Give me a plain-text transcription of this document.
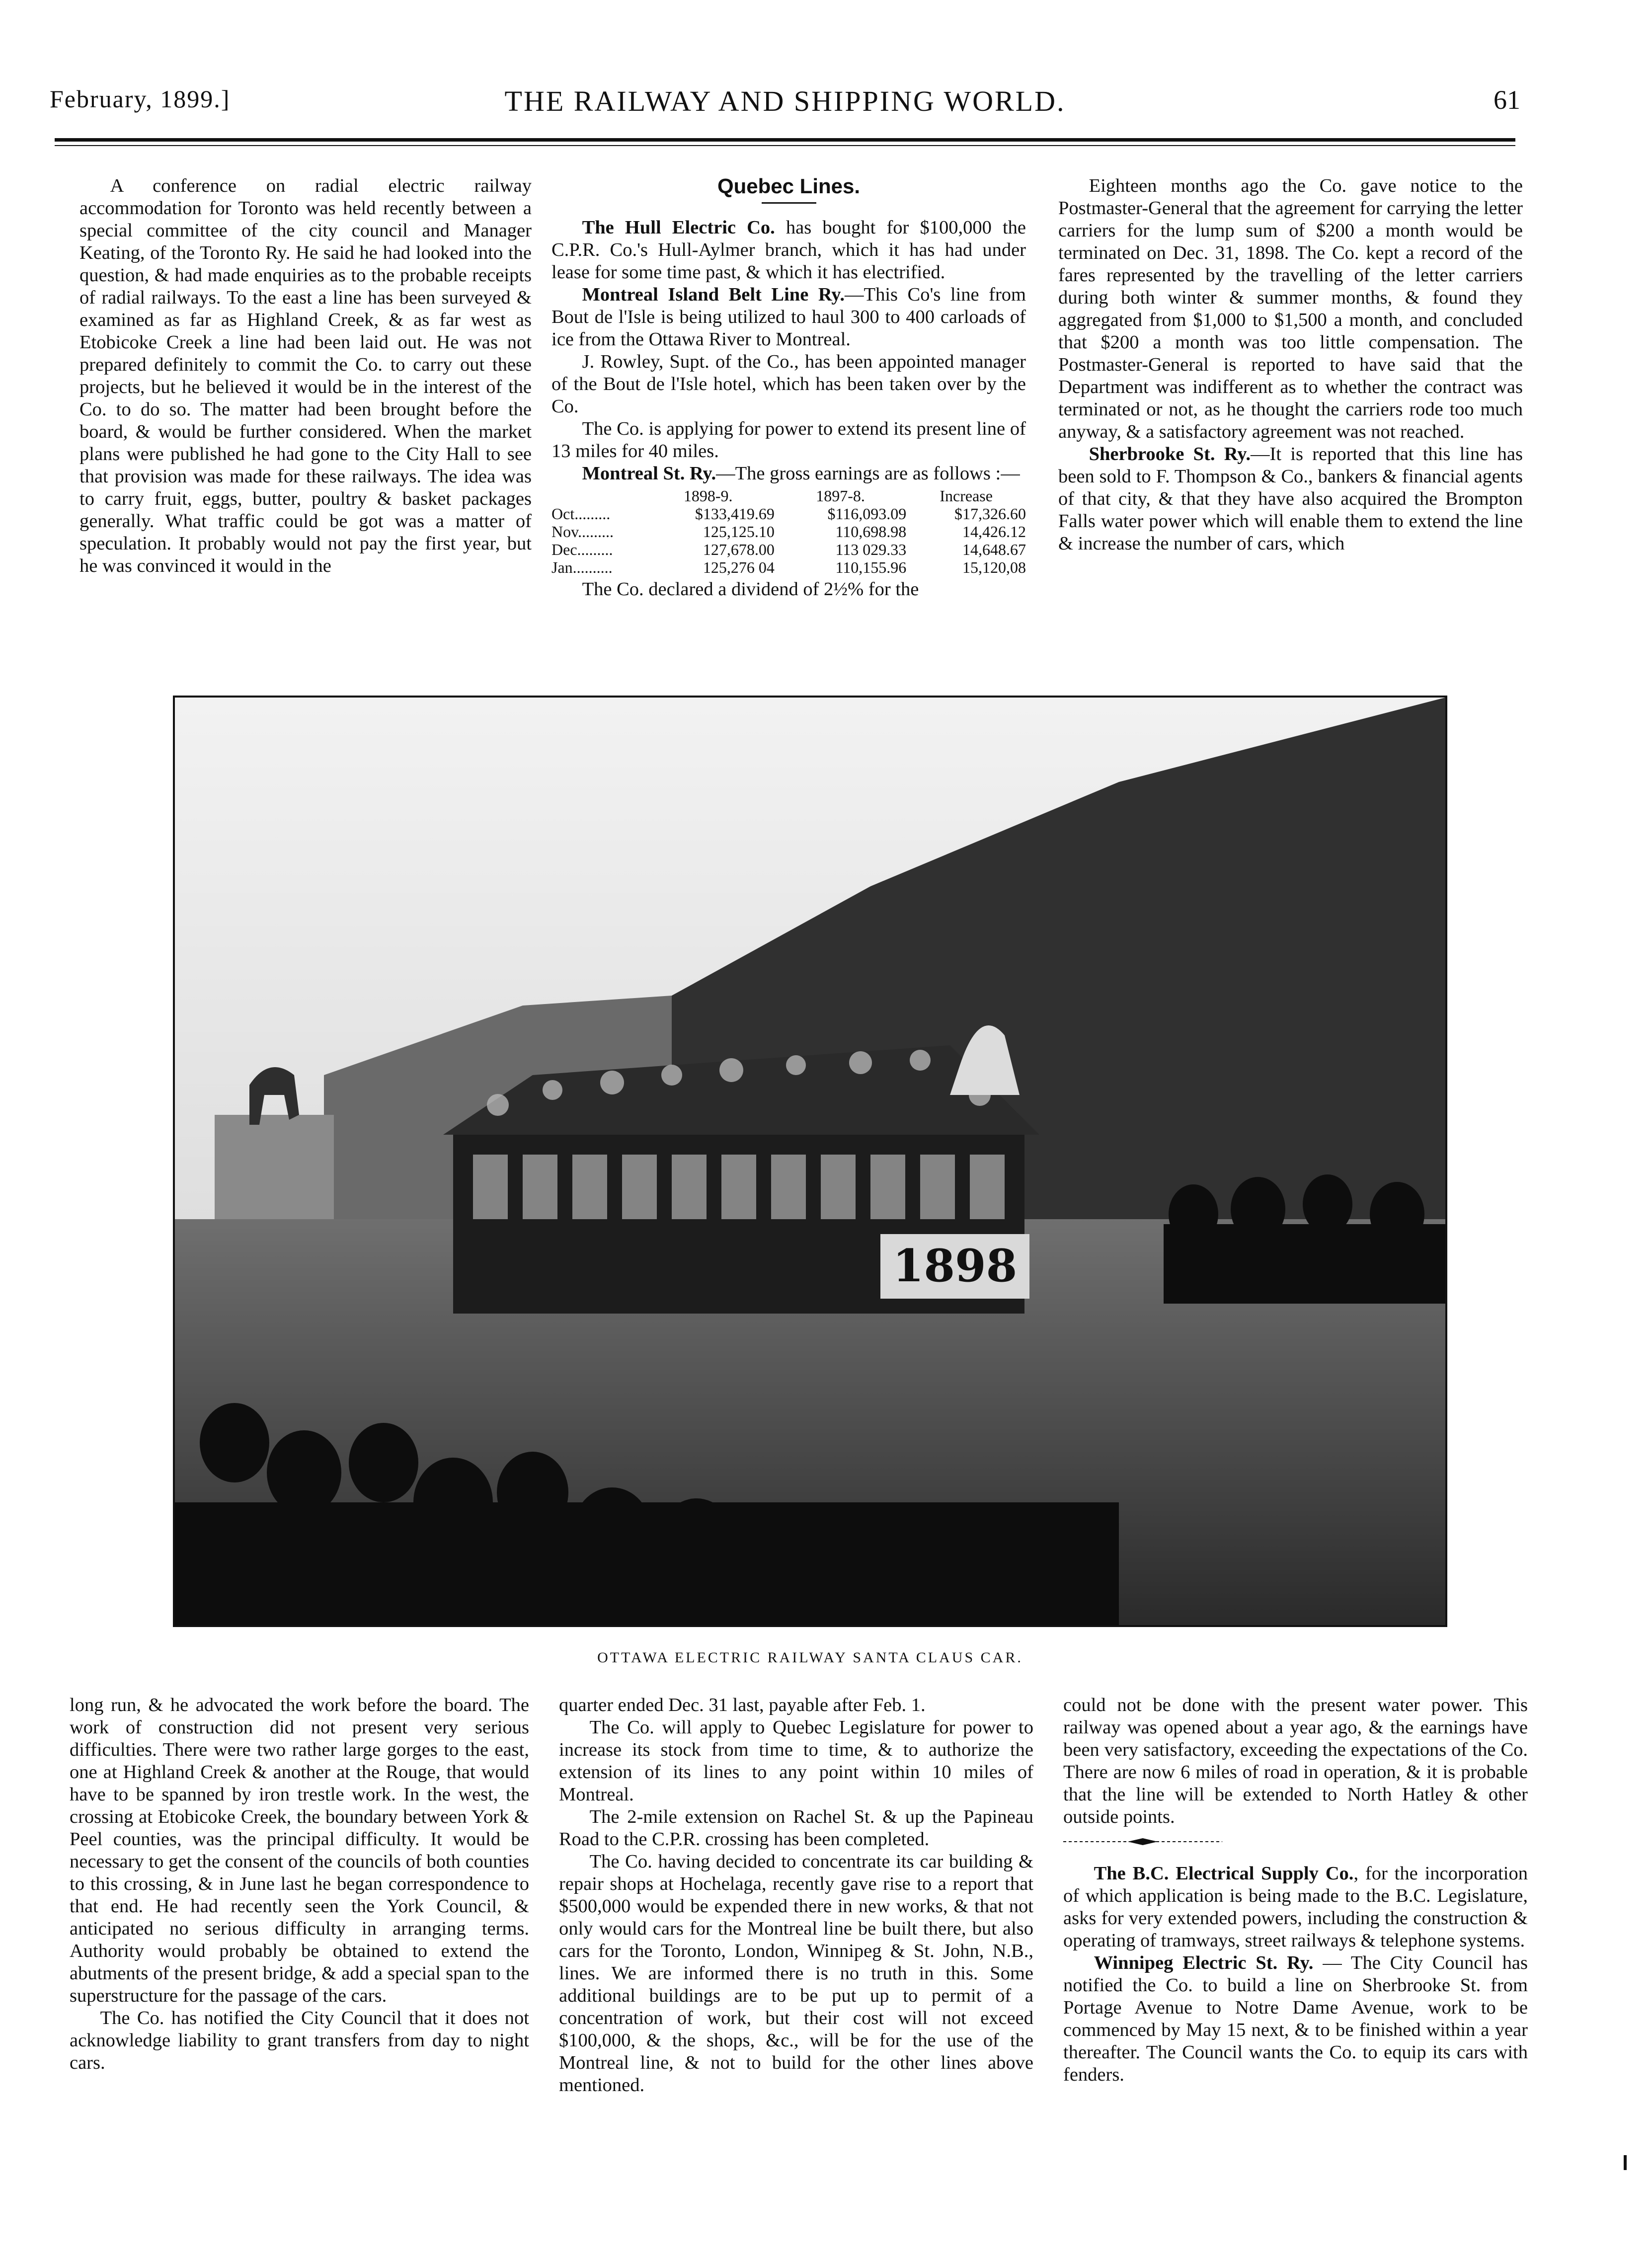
February, 1899.]	THE RAILWAY AND SHIPPING WORLD.	61

A conference on radial electric railway accommodation for Toronto was held recently between a special committee of the city council and Manager Keating, of the Toronto Ry. He said he had looked into the question, & had made enquiries as to the probable receipts of radial railways. To the east a line has been surveyed & examined as far as Highland Creek, & as far west as Etobicoke Creek a line had been laid out. He was not prepared definitely to commit the Co. to carry out these projects, but he believed it would be in the interest of the Co. to do so. The matter had been brought before the board, & would be further considered. When the market plans were published he had gone to the City Hall to see that provision was made for these railways. The idea was to carry fruit, eggs, butter, poultry & basket packages generally. What traffic could be got was a matter of speculation. It probably would not pay the first year, but he was convinced it would in the

Quebec Lines.

The Hull Electric Co. has bought for $100,000 the C.P.R. Co.'s Hull-Aylmer branch, which it has had under lease for some time past, & which it has electrified.

Montreal Island Belt Line Ry.—This Co's line from Bout de l'Isle is being utilized to haul 300 to 400 carloads of ice from the Ottawa River to Montreal.

J. Rowley, Supt. of the Co., has been appointed manager of the Bout de l'Isle hotel, which has been taken over by the Co.

The Co. is applying for power to extend its present line of 13 miles for 40 miles.

Montreal St. Ry.—The gross earnings are as follows :—

	1898-9.	1897-8.	Increase
Oct.........	$133,419.69	$116,093.09	$17,326.60
Nov.........	125,125.10	110,698.98	14,426.12
Dec.........	127,678.00	113 029.33	14,648.67
Jan..........	125,276 04	110,155.96	15,120,08

The Co. declared a dividend of 2½% for the

Eighteen months ago the Co. gave notice to the Postmaster-General that the agreement for carrying the letter carriers for the lump sum of $200 a month would be terminated on Dec. 31, 1898. The Co. kept a record of the fares represented by the travelling of the letter carriers during both winter & summer months, & found they aggregated from $1,000 to $1,500 a month, and concluded that $200 a month was too little compensation. The Postmaster-General is reported to have said that the Department was indifferent as to whether the contract was terminated or not, as he thought the carriers rode too much anyway, & a satisfactory agreement was not reached.

Sherbrooke St. Ry.—It is reported that this line has been sold to F. Thompson & Co., bankers & financial agents of that city, & that they have also acquired the Brompton Falls water power which will enable them to extend the line & increase the number of cars, which

1898
OTTAWA ELECTRIC RAILWAY SANTA CLAUS CAR.

long run, & he advocated the work before the board. The work of construction did not present very serious difficulties. There were two rather large gorges to the east, one at Highland Creek & another at the Rouge, that would have to be spanned by iron trestle work. In the west, the crossing at Etobicoke Creek, the boundary between York & Peel counties, was the principal difficulty. It would be necessary to get the consent of the councils of both counties to this crossing, & in June last he began correspondence to that end. He had recently seen the York Council, & anticipated no serious difficulty in arranging terms. Authority would probably be obtained to extend the abutments of the present bridge, & add a special span to the superstructure for the passage of the cars.

The Co. has notified the City Council that it does not acknowledge liability to grant transfers from day to night cars.

quarter ended Dec. 31 last, payable after Feb. 1.

The Co. will apply to Quebec Legislature for power to increase its stock from time to time, & to authorize the extension of its lines to any point within 10 miles of Montreal.

The 2-mile extension on Rachel St. & up the Papineau Road to the C.P.R. crossing has been completed.

The Co. having decided to concentrate its car building & repair shops at Hochelaga, recently gave rise to a report that $500,000 would be expended there in new works, & that not only would cars for the Montreal line be built there, but also cars for the Toronto, London, Winnipeg & St. John, N.B., lines. We are informed there is no truth in this. Some additional buildings are to be put up to permit of a concentration of work, but their cost will not exceed $100,000, & the shops, &c., will be for the use of the Montreal line, & not to build for the other lines above mentioned.

could not be done with the present water power. This railway was opened about a year ago, & the earnings have been very satisfactory, exceeding the expectations of the Co. There are now 6 miles of road in operation, & it is probable that the line will be extended to North Hatley & other outside points.

The B.C. Electrical Supply Co., for the incorporation of which application is being made to the B.C. Legislature, asks for very extended powers, including the construction & operating of tramways, street railways & telephone systems.

Winnipeg Electric St. Ry. — The City Council has notified the Co. to build a line on Sherbrooke St. from Portage Avenue to Notre Dame Avenue, work to be commenced by May 15 next, & to be finished within a year thereafter. The Council wants the Co. to equip its cars with fenders.
